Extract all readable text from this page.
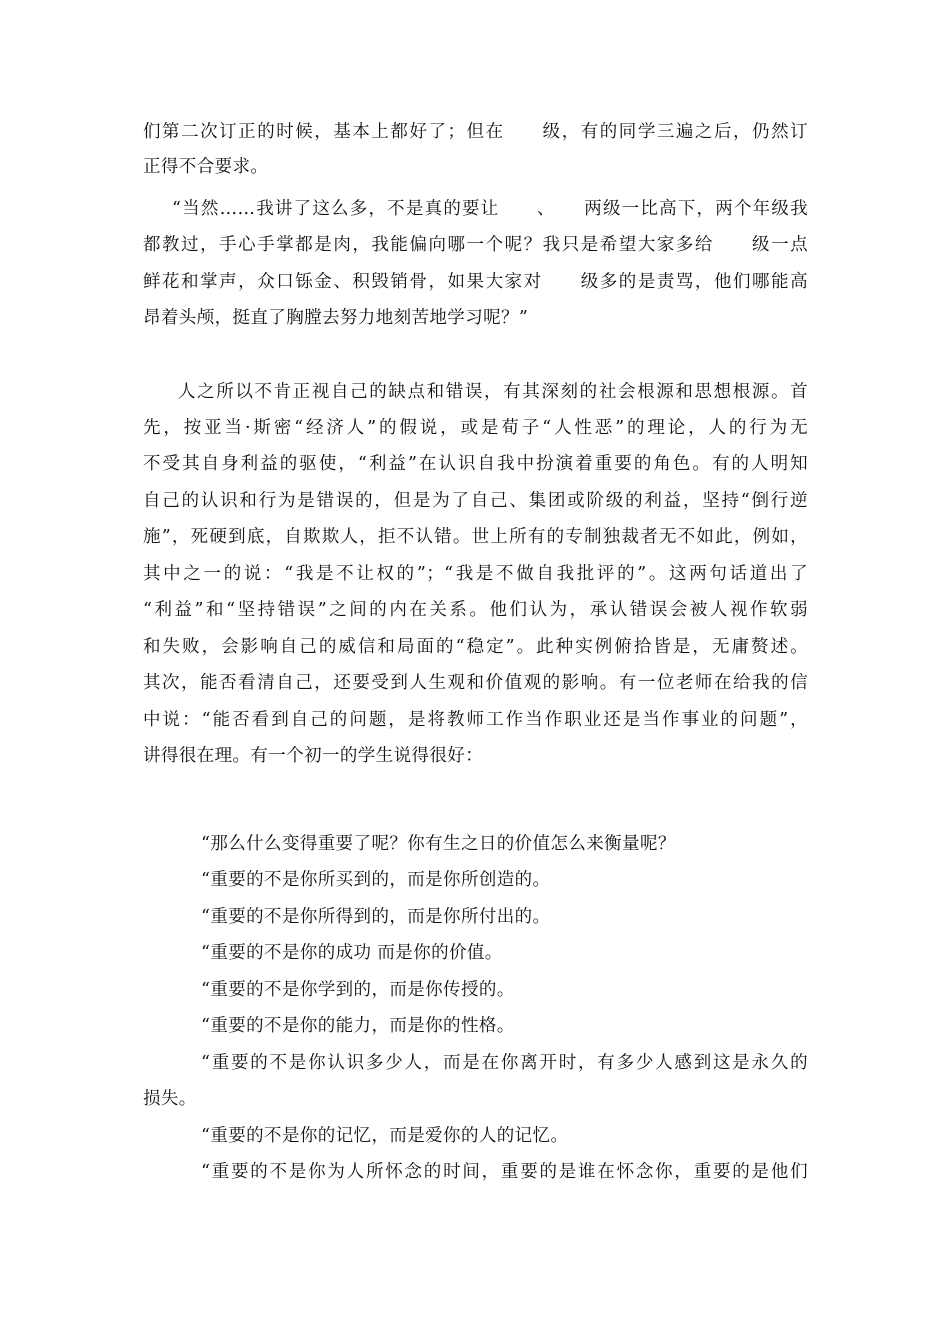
们第二次订正的时候，基本上都好了；但在　　级，有的同学三遍之后，仍然订

正得不合要求。

“当然……我讲了这么多，不是真的要让　　、　　两级一比高下，两个年级我

都教过，手心手掌都是肉，我能偏向哪一个呢？我只是希望大家多给　　级一点

鲜花和掌声，众口铄金、积毁销骨，如果大家对　　级多的是责骂，他们哪能高

昂着头颅，挺直了胸膛去努力地刻苦地学习呢？”

人之所以不肯正视自己的缺点和错误，有其深刻的社会根源和思想根源。首

先，按亚当·斯密“经济人”的假说，或是荀子“人性恶”的理论，人的行为无

不受其自身利益的驱使，“利益”在认识自我中扮演着重要的角色。有的人明知

自己的认识和行为是错误的，但是为了自己、集团或阶级的利益，坚持“倒行逆

施”，死硬到底，自欺欺人，拒不认错。世上所有的专制独裁者无不如此，例如，

其中之一的说：“我是不让权的”；“我是不做自我批评的”。这两句话道出了

“利益”和“坚持错误”之间的内在关系。他们认为，承认错误会被人视作软弱

和失败，会影响自己的威信和局面的“稳定”。此种实例俯拾皆是，无庸赘述。

其次，能否看清自己，还要受到人生观和价值观的影响。有一位老师在给我的信

中说：“能否看到自己的问题，是将教师工作当作职业还是当作事业的问题”，

讲得很在理。有一个初一的学生说得很好：

“那么什么变得重要了呢？你有生之日的价值怎么来衡量呢？

“重要的不是你所买到的，而是你所创造的。

“重要的不是你所得到的，而是你所付出的。

“重要的不是你的成功 而是你的价值。

“重要的不是你学到的，而是你传授的。

“重要的不是你的能力，而是你的性格。

“重要的不是你认识多少人，而是在你离开时，有多少人感到这是永久的

损失。

“重要的不是你的记忆，而是爱你的人的记忆。

“重要的不是你为人所怀念的时间，重要的是谁在怀念你，重要的是他们
